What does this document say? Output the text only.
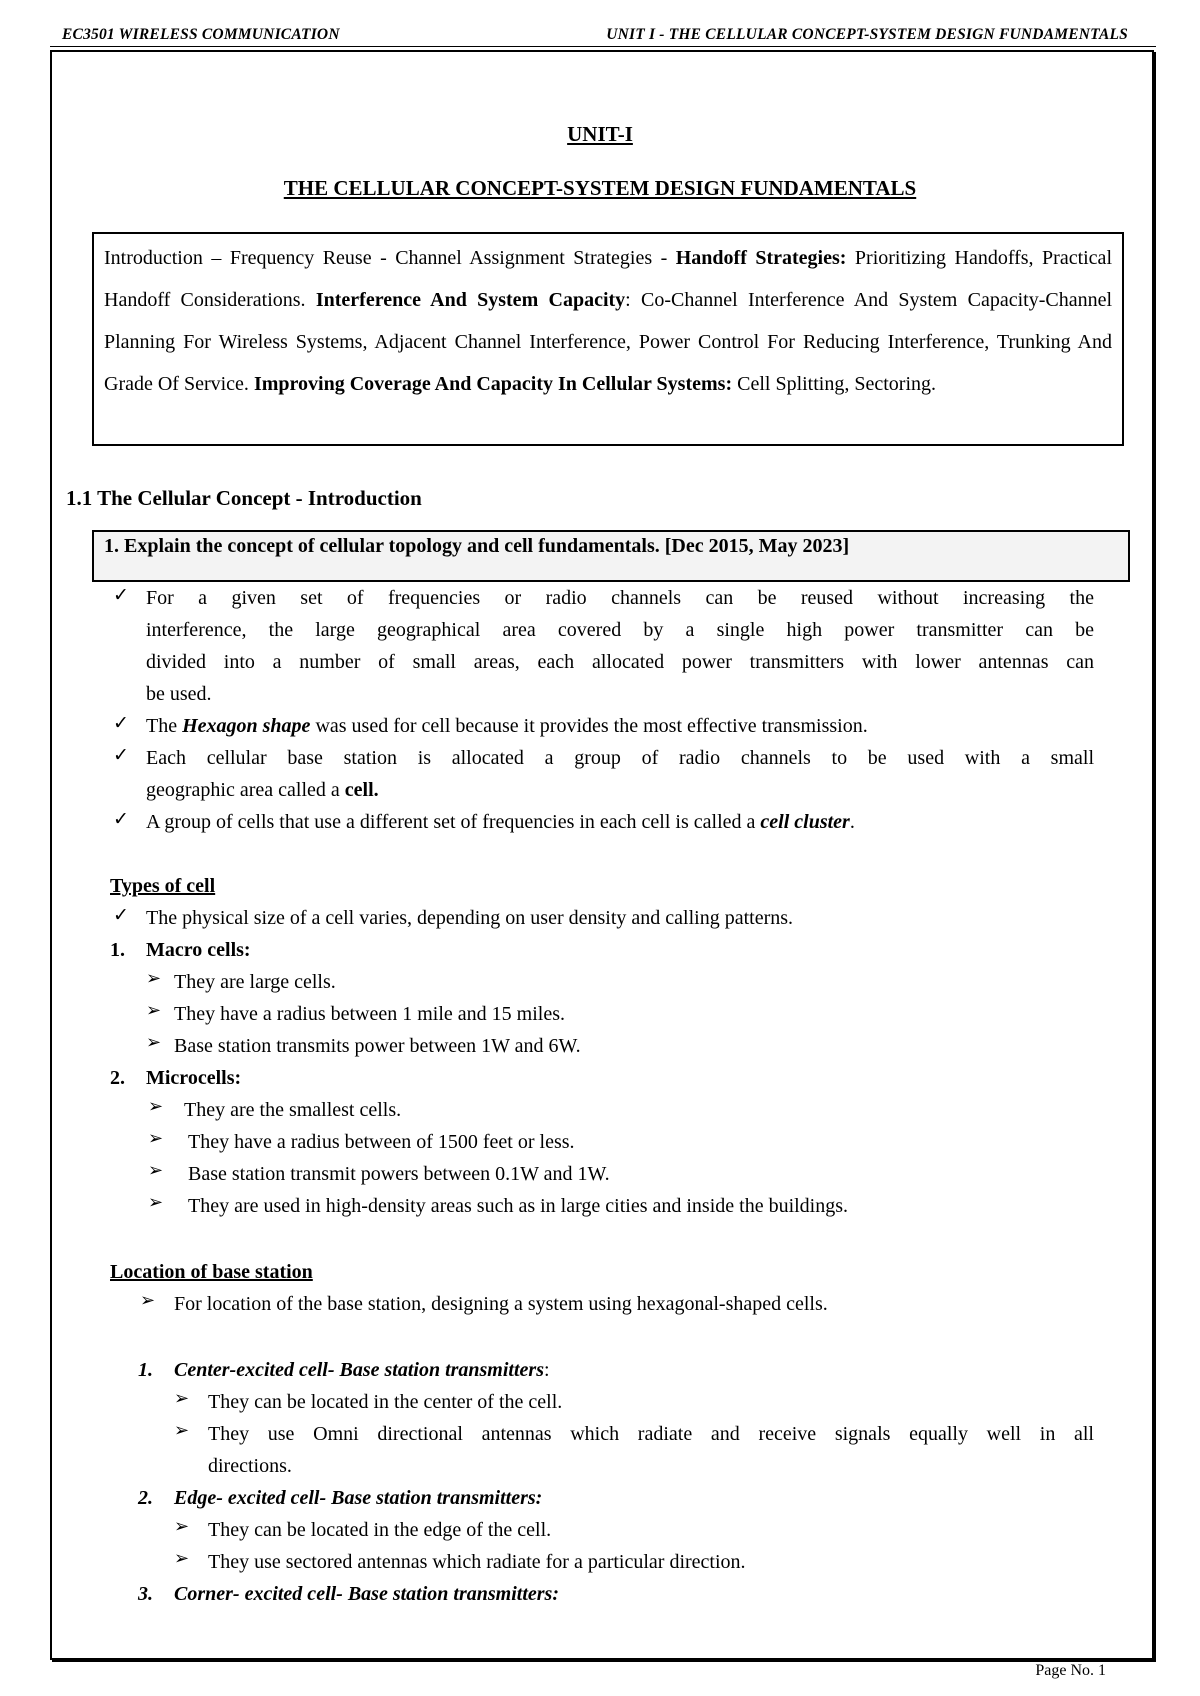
EC3501 WIRELESS COMMUNICATION	UNIT I - THE CELLULAR CONCEPT-SYSTEM DESIGN FUNDAMENTALS
UNIT-I
THE CELLULAR CONCEPT-SYSTEM DESIGN FUNDAMENTALS
Introduction – Frequency Reuse - Channel Assignment Strategies - Handoff Strategies: Prioritizing Handoffs, Practical Handoff Considerations. Interference And System Capacity: Co-Channel Interference And System Capacity-Channel Planning For Wireless Systems, Adjacent Channel Interference, Power Control For Reducing Interference, Trunking And Grade Of Service. Improving Coverage And Capacity In Cellular Systems: Cell Splitting, Sectoring.
1.1 The Cellular Concept - Introduction
1. Explain the concept of cellular topology and cell fundamentals. [Dec 2015, May 2023]
✓ For a given set of frequencies or radio channels can be reused without increasing the
interference, the large geographical area covered by a single high power transmitter can be
divided into a number of small areas, each allocated power transmitters with lower antennas can
be used.
✓ The Hexagon shape was used for cell because it provides the most effective transmission.
✓ Each cellular base station is allocated a group of radio channels to be used with a small
geographic area called a cell.
✓ A group of cells that use a different set of frequencies in each cell is called a cell cluster.
Types of cell
✓ The physical size of a cell varies, depending on user density and calling patterns.
1. Macro cells:
➢ They are large cells.
➢ They have a radius between 1 mile and 15 miles.
➢ Base station transmits power between 1W and 6W.
2. Microcells:
➢ They are the smallest cells.
➢ They have a radius between of 1500 feet or less.
➢ Base station transmit powers between 0.1W and 1W.
➢ They are used in high-density areas such as in large cities and inside the buildings.
Location of base station
➢ For location of the base station, designing a system using hexagonal-shaped cells.
1. Center-excited cell- Base station transmitters:
➢ They can be located in the center of the cell.
➢ They use Omni directional antennas which radiate and receive signals equally well in all
directions.
2. Edge- excited cell- Base station transmitters:
➢ They can be located in the edge of the cell.
➢ They use sectored antennas which radiate for a particular direction.
3. Corner- excited cell- Base station transmitters:
Page No. 1
